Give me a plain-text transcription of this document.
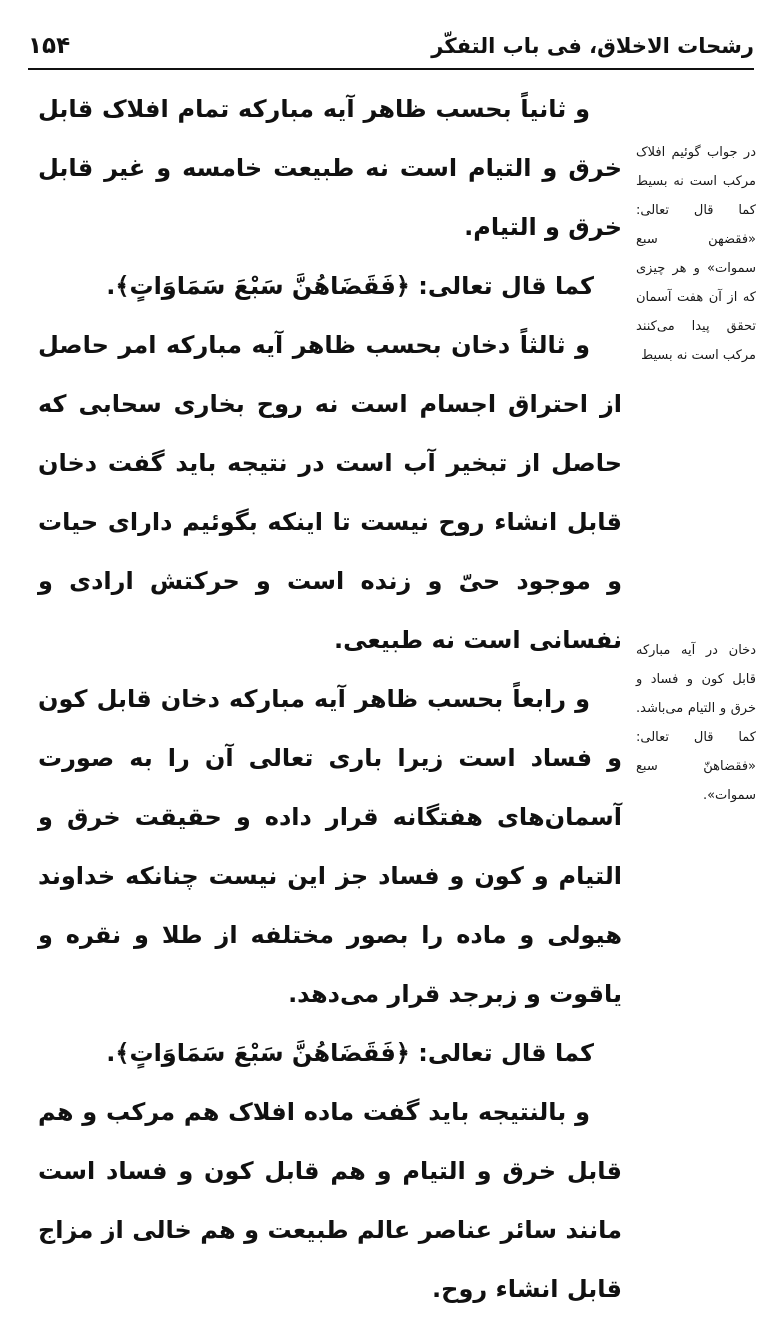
رشحات الاخلاق، فی باب التفکّر
۱۵۴

و ثانیاً بحسب ظاهر آیه مبارکه تمام افلاک قابل خرق و التیام است نه طبیعت خامسه و غیر قابل خرق و التیام.

کما قال تعالی: ﴿فَقَضَاهُنَّ سَبْعَ سَمَاوَاتٍ﴾.

و ثالثاً دخان بحسب ظاهر آیه مبارکه امر حاصل از احتراق اجسام است نه روح بخاری سحابی که حاصل از تبخیر آب است در نتیجه باید گفت دخان قابل انشاء روح نیست تا اینکه بگوئیم دارای حیات و موجود حیّ و زنده است و حرکتش ارادی و نفسانی است نه طبیعی.

و رابعاً بحسب ظاهر آیه مبارکه دخان قابل کون و فساد است زیرا باری تعالی آن را به صورت آسمان‌های هفتگانه قرار داده و حقیقت خرق و التیام و کون و فساد جز این نیست چنانکه خداوند هیولی و ماده را بصور مختلفه از طلا و نقره و یاقوت و زبرجد قرار می‌دهد.

کما قال تعالی: ﴿فَقَضَاهُنَّ سَبْعَ سَمَاوَاتٍ﴾.

و بالنتیجه باید گفت ماده افلاک هم مرکب و هم قابل خرق و التیام و هم قابل کون و فساد است مانند سائر عناصر عالم طبیعت و هم خالی از مزاج قابل انشاء روح.

در جواب گوئیم افلاک مرکب است نه بسیط کما قال تعالی: «فقضهن سبع سموات» و هر چیزی که از آن هفت آسمان تحقق پیدا می‌کنند مرکب است نه بسیط
دخان در آیه مبارکه قابل کون و فساد و خرق و التیام می‌باشد. کما قال تعالی: «فقضاهنّ سبع سموات».
